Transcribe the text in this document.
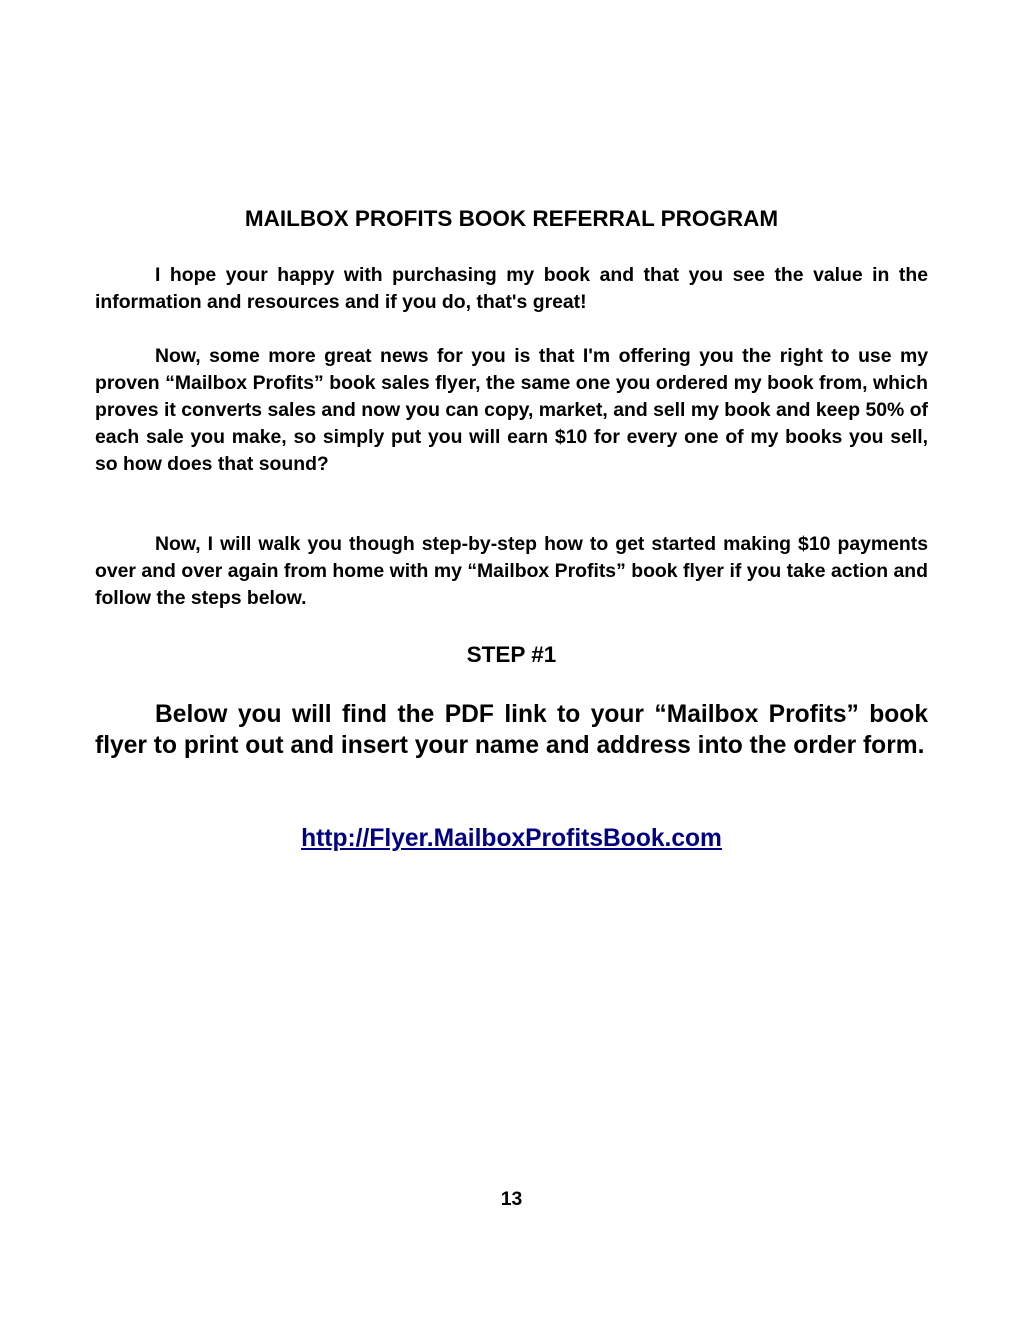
MAILBOX PROFITS BOOK REFERRAL PROGRAM

I hope your happy with purchasing my book and that you see the value in the information and resources and if you do, that's great!

Now, some more great news for you is that I'm offering you the right to use my proven “Mailbox Profits” book sales flyer, the same one you ordered my book from, which proves it converts sales and now you can copy, market, and sell my book and keep 50% of each sale you make, so simply put you will earn $10 for every one of my books you sell, so how does that sound?

Now, I will walk you though step-by-step how to get started making $10 payments over and over again from home with my “Mailbox Profits” book flyer if you take action and follow the steps below.

STEP #1

Below you will find the PDF link to your “Mailbox Profits” book flyer to print out and insert your name and address into the order form.

http://Flyer.MailboxProfitsBook.com

13
